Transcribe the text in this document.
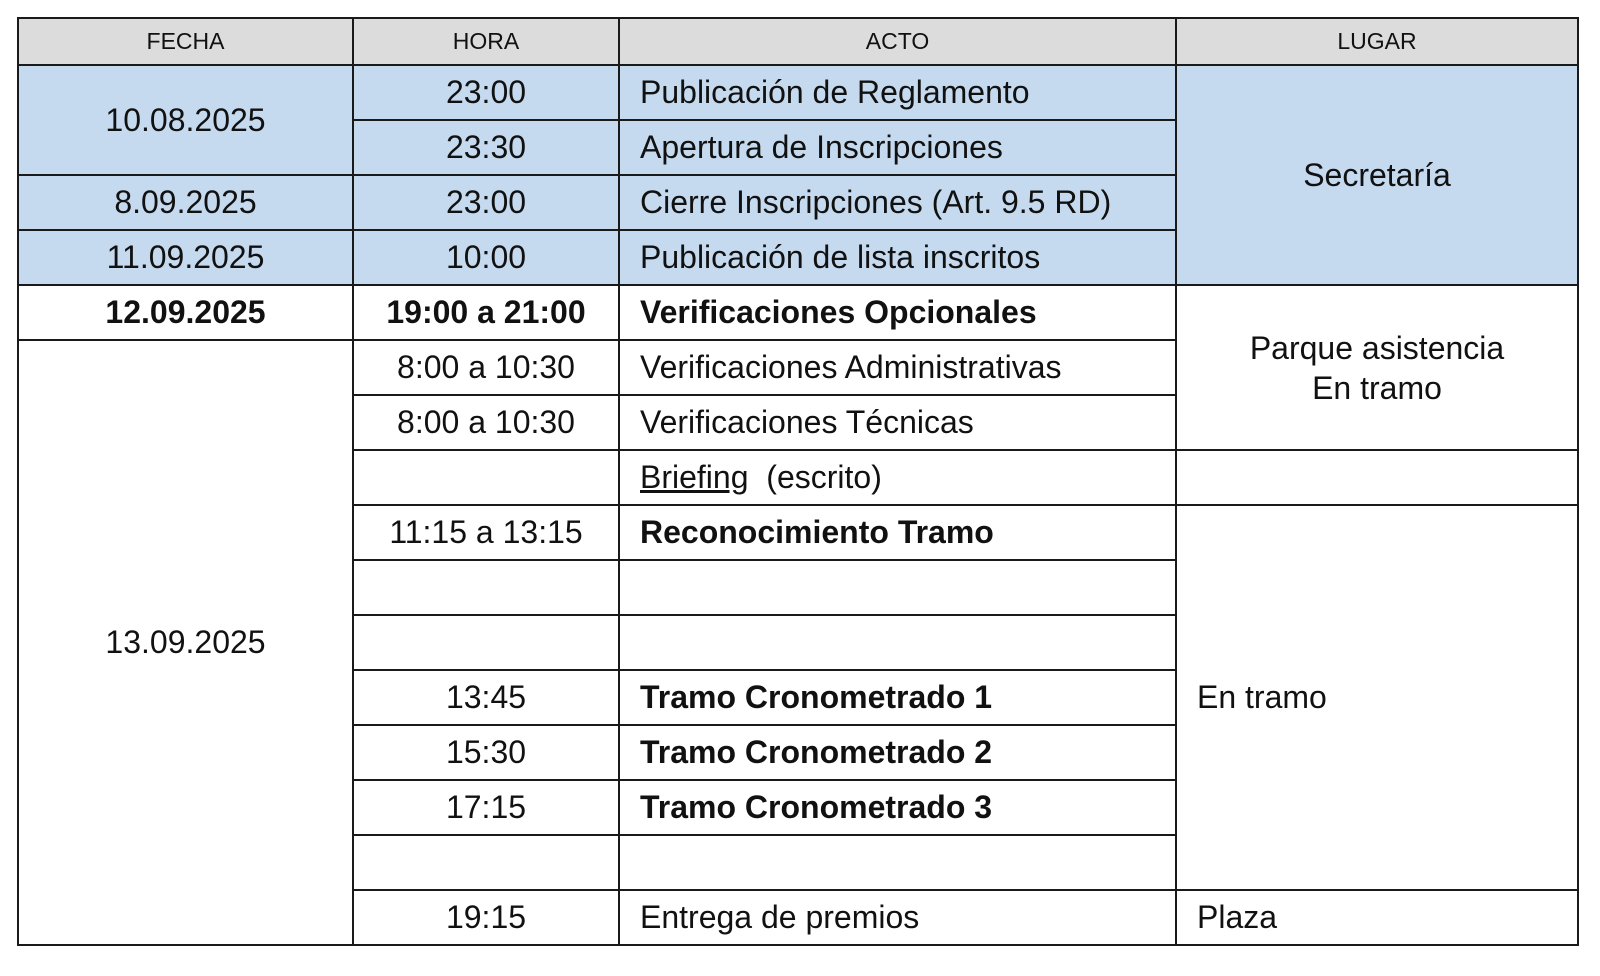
FECHA	HORA	ACTO	LUGAR
10.08.2025	23:00	Publicación de Reglamento	Secretaría
	23:30	Apertura de Inscripciones	
8.09.2025	23:00	Cierre Inscripciones (Art. 9.5 RD)	
11.09.2025	10:00	Publicación de lista inscritos	
12.09.2025	19:00 a 21:00	Verificaciones Opcionales	Parque asistencia
En tramo

13.09.2025	8:00 a 10:30	Verificaciones Administrativas	
	8:00 a 10:30	Verificaciones Técnicas	
		Briefing  (escrito)	
	11:15 a 13:15	Reconocimiento Tramo	En tramo

	13:45	Tramo Cronometrado 1	
	15:30	Tramo Cronometrado 2	
	17:15	Tramo Cronometrado 3	

	19:15	Entrega de premios	Plaza
